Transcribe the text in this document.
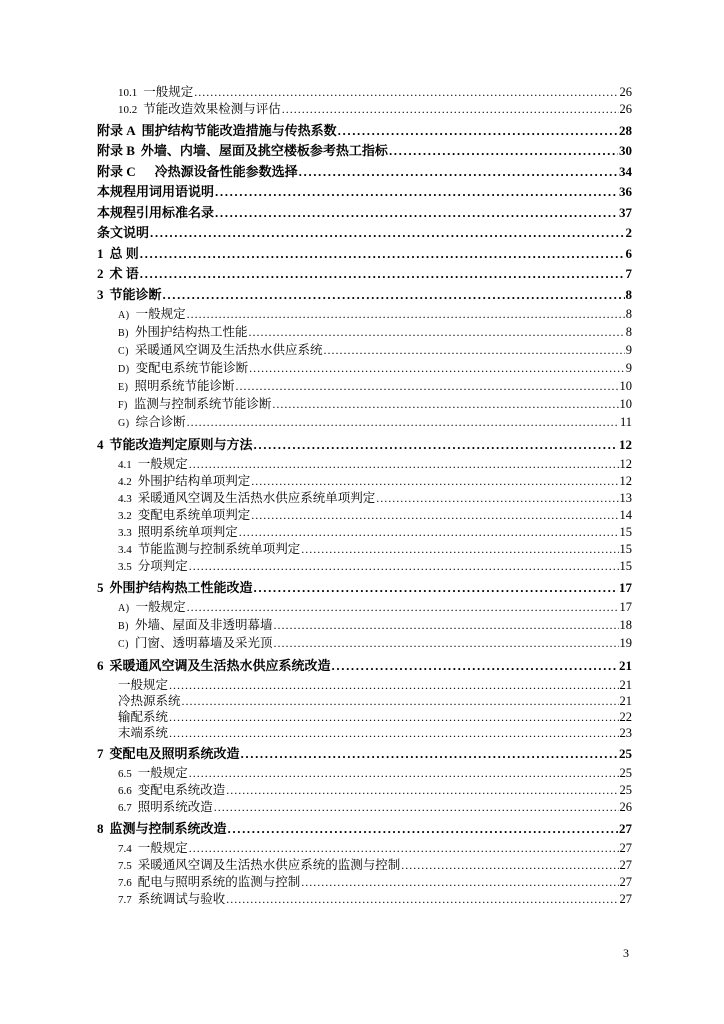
10.1 一般规定 .....	26
10.2 节能改造效果检测与评估 .....	26
附录 A 围护结构节能改造措施与传热系数 .....	28
附录 B 外墙、内墙、屋面及挑空楼板参考热工指标 .....	30
附录 C 　冷热源设备性能参数选择 .....	34
本规程用词用语说明 .....	36
本规程引用标准名录 .....	37
条文说明 .....	2
1 总 则 .....	6
2 术 语 .....	7
3 节能诊断 .....	8
A) 一般规定 .....	8
B) 外围护结构热工性能 .....	8
C) 采暖通风空调及生活热水供应系统 .....	9
D) 变配电系统节能诊断 .....	9
E) 照明系统节能诊断 .....	10
F) 监测与控制系统节能诊断 .....	10
G) 综合诊断 .....	11
4 节能改造判定原则与方法 .....	12
4.1 一般规定 .....	12
4.2 外围护结构单项判定 .....	12
4.3 采暖通风空调及生活热水供应系统单项判定 .....	13
3.2 变配电系统单项判定 .....	14
3.3 照明系统单项判定 .....	15
3.4 节能监测与控制系统单项判定 .....	15
3.5 分项判定 .....	15
5 外围护结构热工性能改造 .....	17
A) 一般规定 .....	17
B) 外墙、屋面及非透明幕墙 .....	18
C) 门窗、透明幕墙及采光顶 .....	19
6 采暖通风空调及生活热水供应系统改造 .....	21
一般规定 .....	21
冷热源系统 .....	21
输配系统 .....	22
末端系统 .....	23
7 变配电及照明系统改造 .....	25
6.5 一般规定 .....	25
6.6 变配电系统改造 .....	25
6.7 照明系统改造 .....	26
8 监测与控制系统改造 .....	27
7.4 一般规定 .....	27
7.5 采暖通风空调及生活热水供应系统的监测与控制 .....	27
7.6 配电与照明系统的监测与控制 .....	27
7.7 系统调试与验收 .....	27
3
